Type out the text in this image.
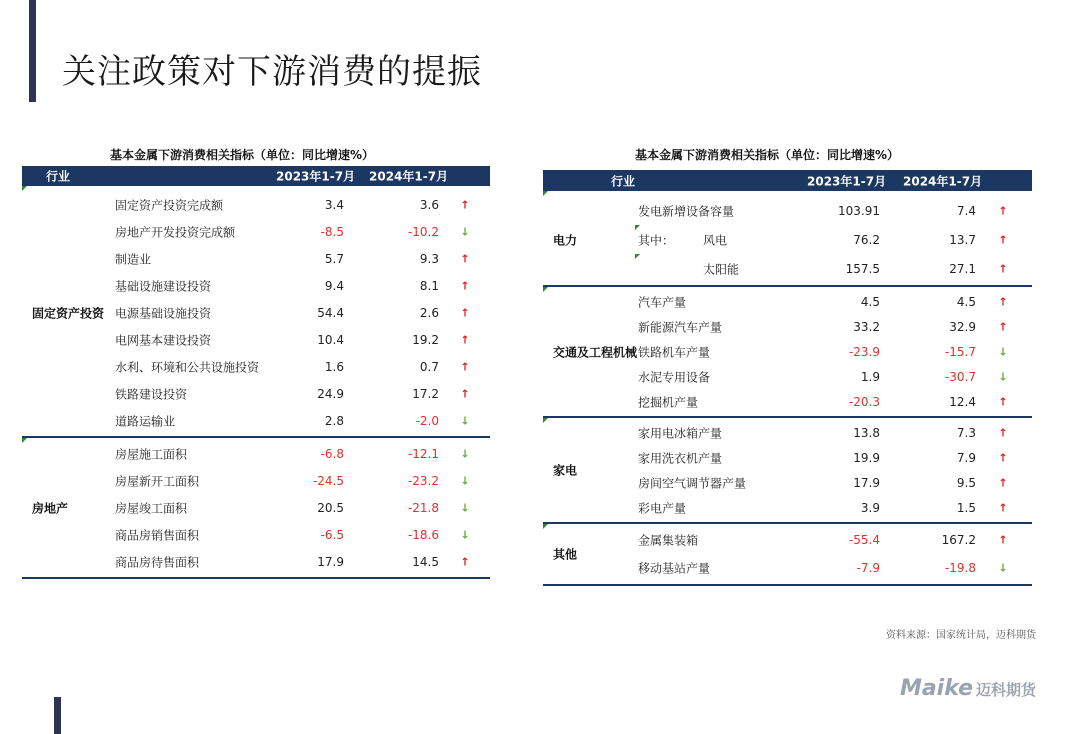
关注政策对下游消费的提振
基本金属下游消费相关指标（单位：同比增速%）
行业	2023年1-7月 2024年1-7月
固定资产投资
固定资产投资完成额	3.4	3.6 ↑
房地产开发投资完成额	-8.5	-10.2 ↓
制造业	5.7	9.3 ↑
基础设施建设投资	9.4	8.1 ↑
电源基础设施投资	54.4	2.6 ↑
电网基本建设投资	10.4	19.2 ↑
水利、环境和公共设施投资	1.6	0.7 ↑
铁路建设投资	24.9	17.2 ↑
道路运输业	2.8	-2.0 ↓
房地产
房屋施工面积	-6.8	-12.1 ↓
房屋新开工面积	-24.5	-23.2 ↓
房屋竣工面积	20.5	-21.8 ↓
商品房销售面积	-6.5	-18.6 ↓
商品房待售面积	17.9	14.5 ↑
基本金属下游消费相关指标（单位：同比增速%）
行业	2023年1-7月 2024年1-7月
电力
发电新增设备容量	103.91	7.4 ↑
其中： 风电	76.2	13.7 ↑
太阳能	157.5	27.1 ↑
交通及工程机械
汽车产量	4.5	4.5 ↑
新能源汽车产量	33.2	32.9 ↑
铁路机车产量	-23.9	-15.7 ↓
水泥专用设备	1.9	-30.7 ↓
挖掘机产量	-20.3	12.4 ↑
家电
家用电冰箱产量	13.8	7.3 ↑
家用洗衣机产量	19.9	7.9 ↑
房间空气调节器产量	17.9	9.5 ↑
彩电产量	3.9	1.5 ↑
其他
金属集装箱	-55.4	167.2 ↑
移动基站产量	-7.9	-19.8 ↓
资料来源：国家统计局，迈科期货
Maike 迈科期货
